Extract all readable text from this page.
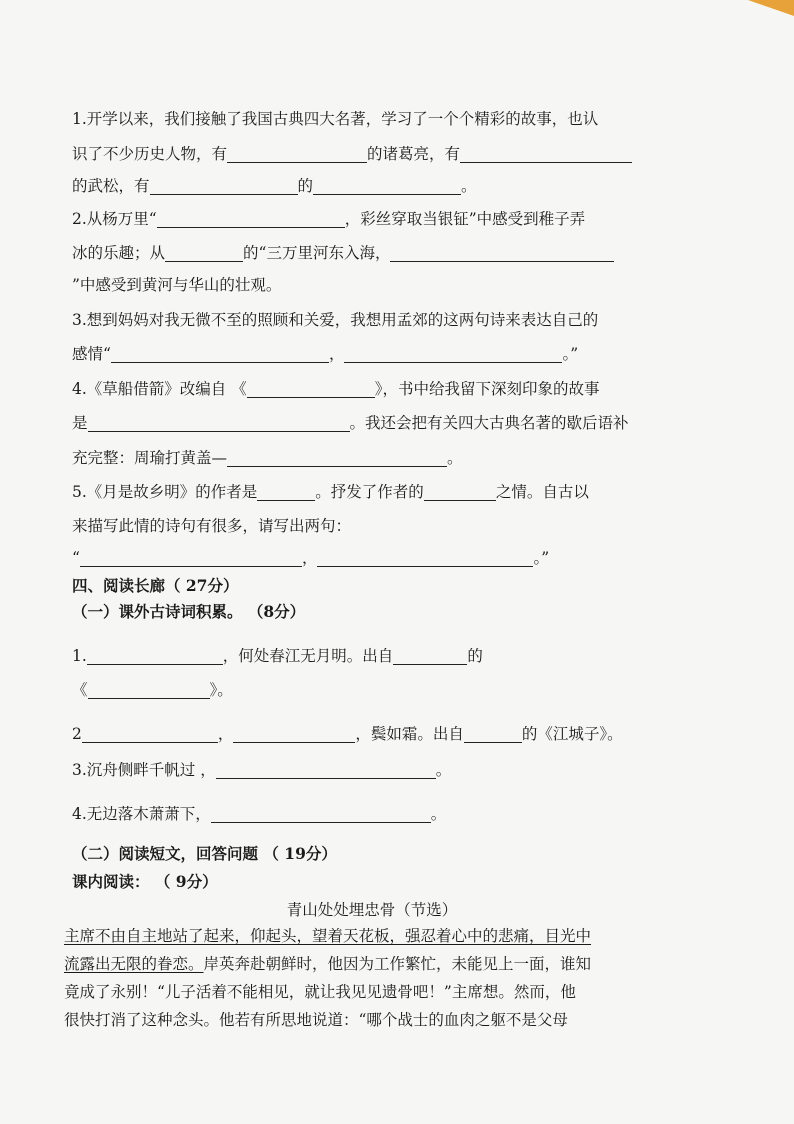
1.开学以来，我们接触了我国古典四大名著，学习了一个个精彩的故事，也认
识了不少历史人物，有	的诸葛亮，有
的武松，有	的	。
2.从杨万里“	，彩丝穿取当银钲”中感受到稚子弄
冰的乐趣；从	的“三万里河东入海，
”中感受到黄河与华山的壮观。
3.想到妈妈对我无微不至的照顾和关爱，我想用孟郊的这两句诗来表达自己的
感情“	，	。”
4.《草船借箭》改编自 《	》，书中给我留下深刻印象的故事
是	。我还会把有关四大古典名著的歇后语补
充完整：周瑜打黄盖—	。
5.《月是故乡明》的作者是	。抒发了作者的	之情。自古以
来描写此情的诗句有很多，请写出两句：
“	，	。”
四、阅读长廊（ 27分）
（一）课外古诗词积累。 （8分）
1.	，何处春江无月明。出自	的
《	》。
2	，	，鬓如霜。出自	的《江城子》。
3.沉舟侧畔千帆过 ，	。
4.无边落木萧萧下，	。
（二）阅读短文，回答问题 （ 19分）
课内阅读： （ 9分）
青山处处埋忠骨（节选）
主席不由自主地站了起来，仰起头，望着天花板，强忍着心中的悲痛，目光中
流露出无限的眷恋。岸英奔赴朝鲜时，他因为工作繁忙，未能见上一面，谁知
竟成了永别！“儿子活着不能相见，就让我见见遗骨吧！”主席想。然而，他
很快打消了这种念头。他若有所思地说道：“哪个战士的血肉之躯不是父母
